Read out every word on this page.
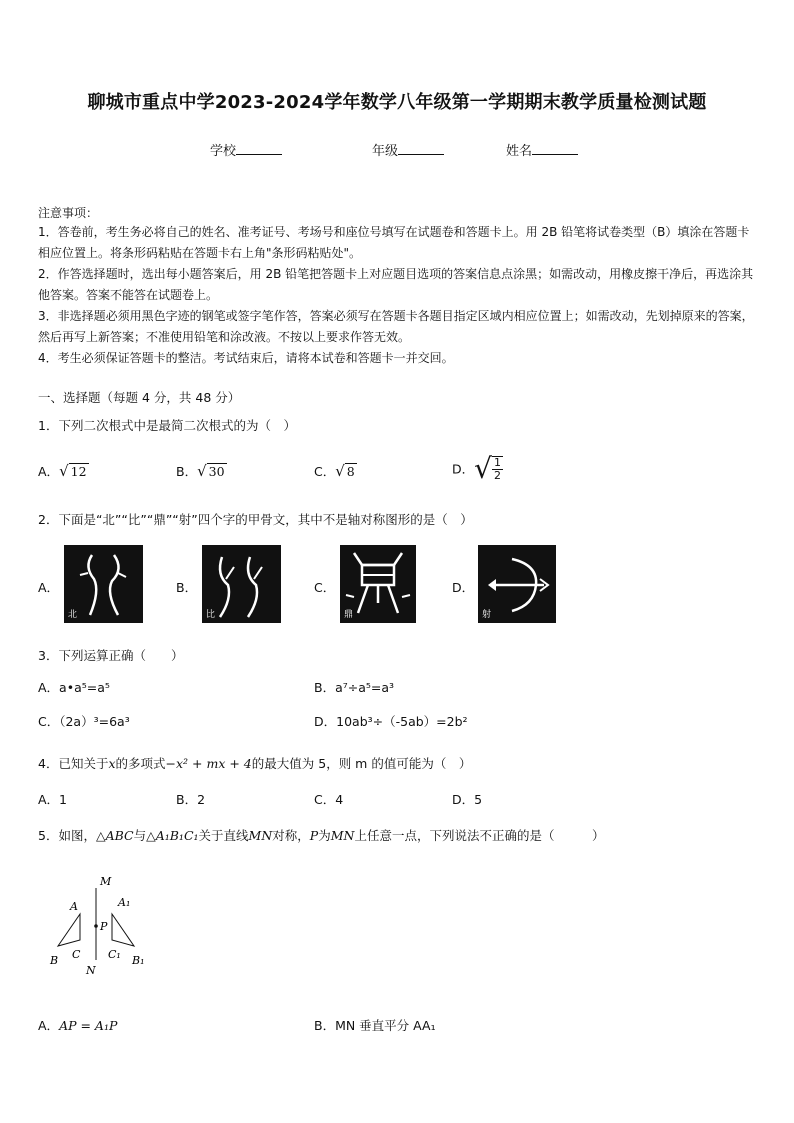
聊城市重点中学2023-2024学年数学八年级第一学期期末教学质量检测试题
学校	年级	姓名
注意事项：
1．答卷前，考生务必将自己的姓名、准考证号、考场号和座位号填写在试题卷和答题卡上。用 2B 铅笔将试卷类型（B）填涂在答题卡相应位置上。将条形码粘贴在答题卡右上角"条形码粘贴处"。
2．作答选择题时，选出每小题答案后，用 2B 铅笔把答题卡上对应题目选项的答案信息点涂黑；如需改动，用橡皮擦干净后，再选涂其他答案。答案不能答在试题卷上。
3．非选择题必须用黑色字迹的钢笔或签字笔作答，答案必须写在答题卡各题目指定区域内相应位置上；如需改动，先划掉原来的答案，然后再写上新答案；不准使用铅笔和涂改液。不按以上要求作答无效。
4．考生必须保证答题卡的整洁。考试结束后，请将本试卷和答题卡一并交回。
一、选择题（每题 4 分，共 48 分）
1．下列二次根式中是最简二次根式的为（　）
A．√ 12	B．√ 30	C．√ 8	D．√ $\frac{1}{2}$
2．下面是“北”“比”“鼎”“射”四个字的甲骨文，其中不是轴对称图形的是（　）
A．
北
B．
比
C．
鼎
D．
射
3．下列运算正确（　　）
A．a•a⁵=a⁵	B．a⁷÷a⁵=a³
C．（2a）³=6a³	D．10ab³÷（-5ab）=2b²
4．已知关于x的多项式−x² + mx + 4的最大值为 5，则 m 的值可能为（　）
A．1	B．2	C．4	D．5
5．如图，△ABC与△A₁B₁C₁关于直线MN对称，P为MN上任意一点，下列说法不正确的是（　　　）
M
N
P
A
B C
A₁
B₁
C₁
A．AP = A₁P	B．MN 垂直平分 AA₁
